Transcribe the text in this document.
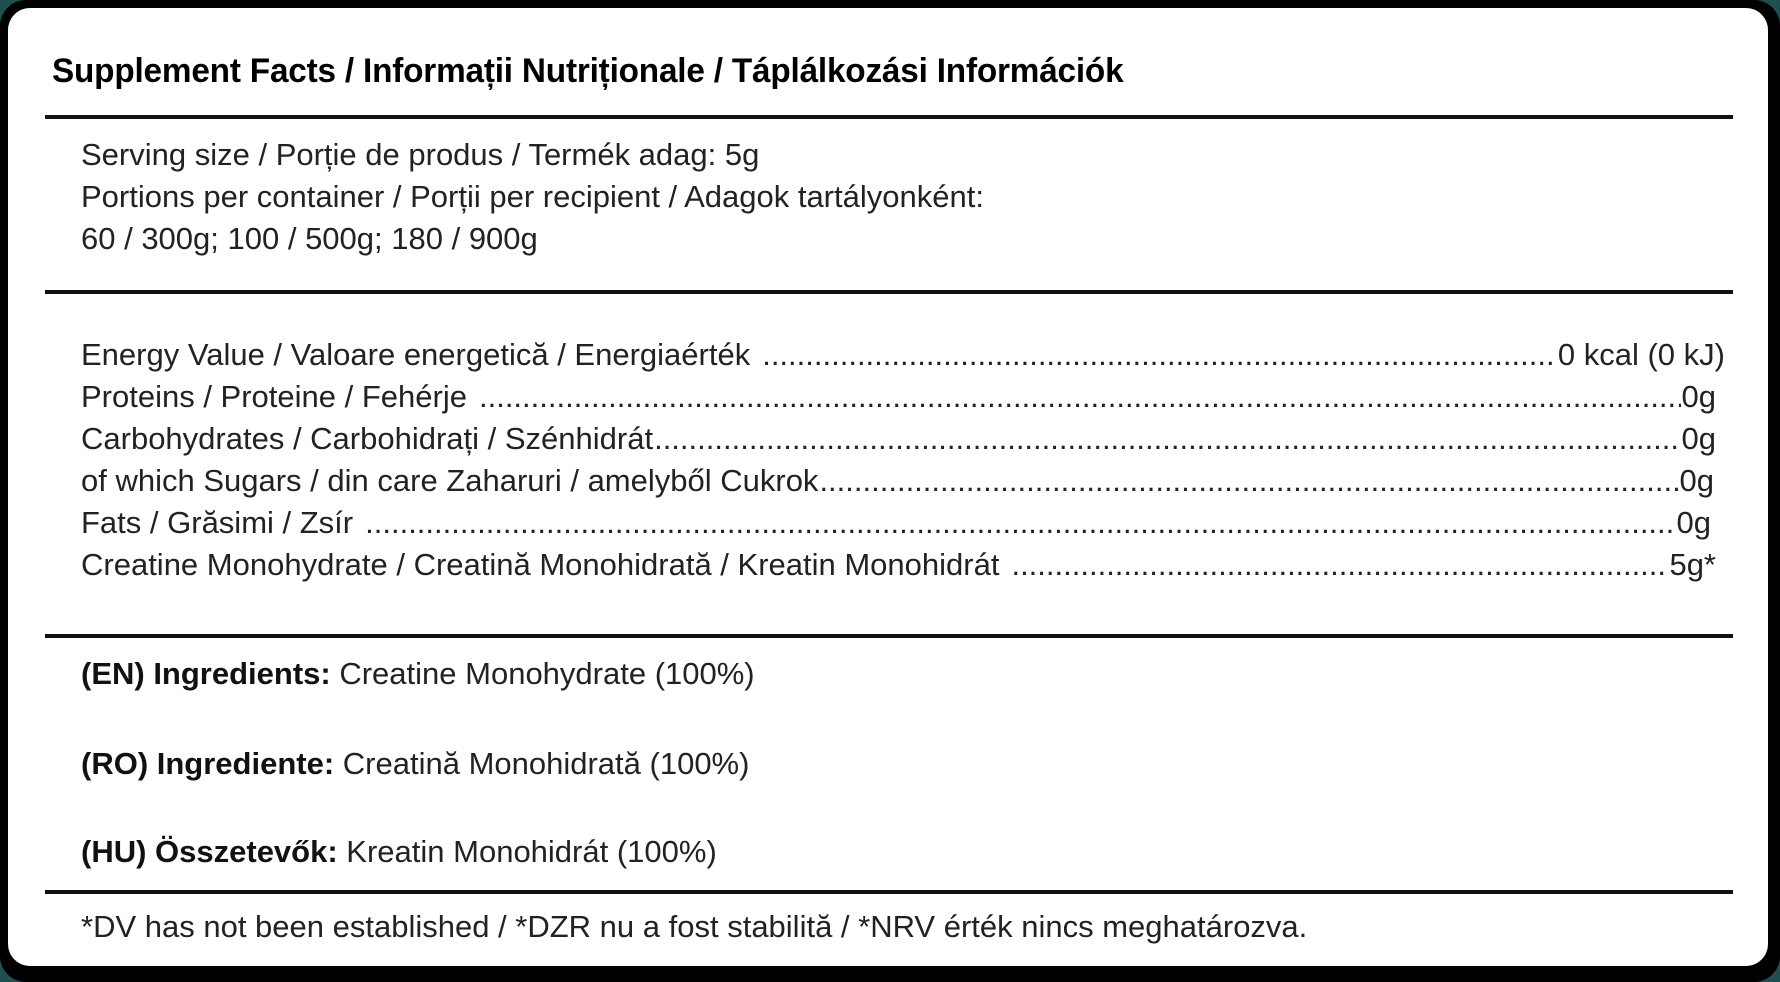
Supplement Facts / Informații Nutriționale / Táplálkozási Információk
Serving size / Porție de produs / Termék adag: 5g
Portions per container / Porții per recipient / Adagok tartályonként:
60 / 300g; 100 / 500g; 180 / 900g
Energy Value / Valoare energetică / Energiaérték .....	0 kcal (0 kJ)
Proteins / Proteine / Fehérje .....	0g
Carbohydrates / Carbohidrați / Szénhidrát .....	0g
of which Sugars / din care Zaharuri / amelyből Cukrok .....	0g
Fats / Grăsimi / Zsír .....	0g
Creatine Monohydrate / Creatină Monohidrată / Kreatin Monohidrát .....	5g*
(EN) Ingredients: Creatine Monohydrate (100%)
(RO) Ingrediente: Creatină Monohidrată (100%)
(HU) Összetevők: Kreatin Monohidrát (100%)
*DV has not been established / *DZR nu a fost stabilită / *NRV érték nincs meghatározva.
